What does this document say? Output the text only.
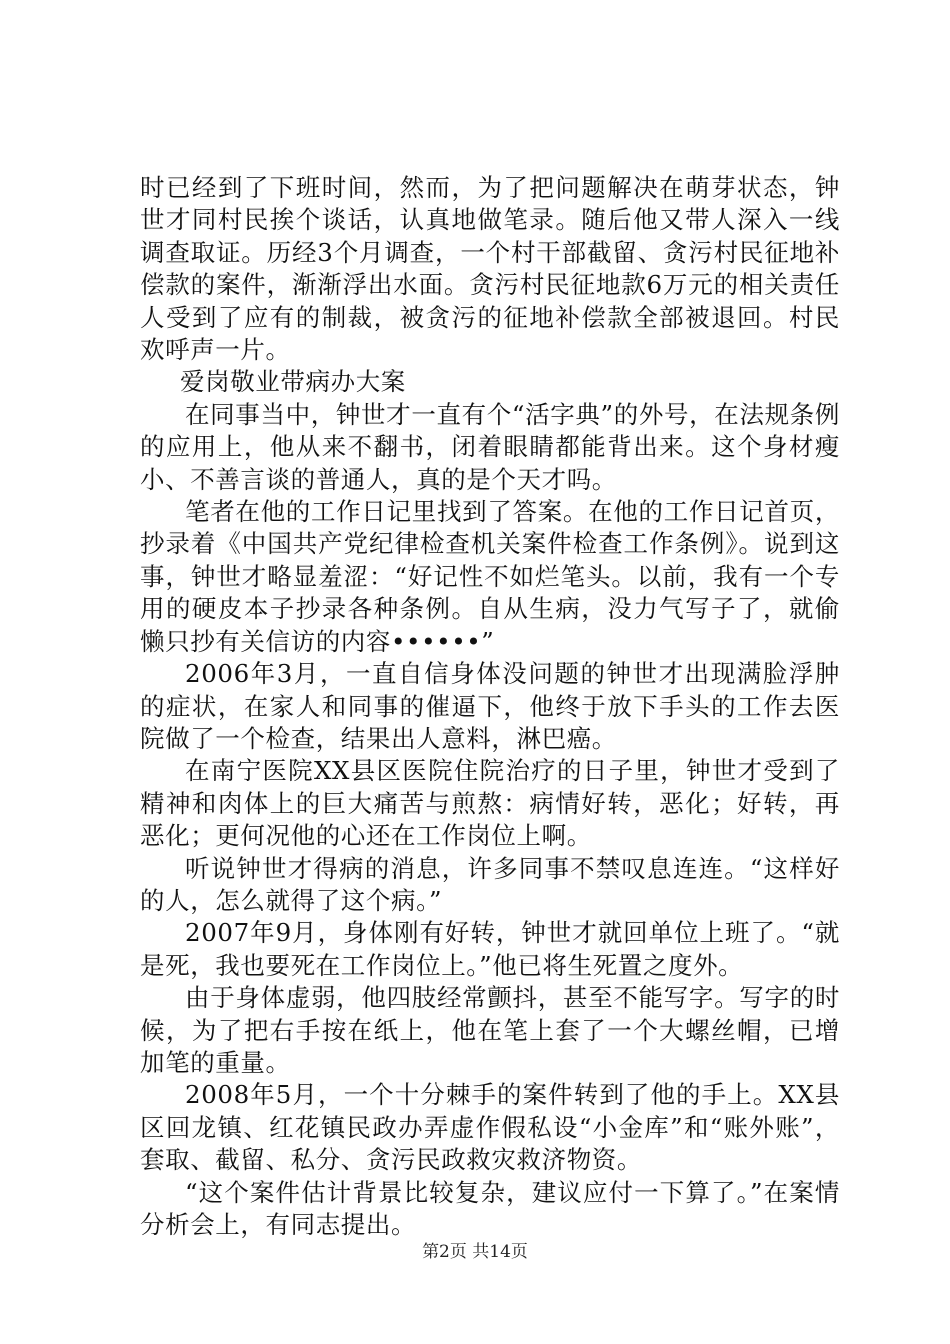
时已经到了下班时间，然而，为了把问题解决在萌芽状态，钟世才同村民挨个谈话，认真地做笔录。随后他又带人深入一线调查取证。历经3个月调查，一个村干部截留、贪污村民征地补偿款的案件，渐渐浮出水面。贪污村民征地款6万元的相关责任人受到了应有的制裁，被贪污的征地补偿款全部被退回。村民欢呼声一片。

爱岗敬业带病办大案

在同事当中，钟世才一直有个“活字典”的外号，在法规条例的应用上，他从来不翻书，闭着眼睛都能背出来。这个身材瘦小、不善言谈的普通人，真的是个天才吗。

笔者在他的工作日记里找到了答案。在他的工作日记首页，抄录着《中国共产党纪律检查机关案件检查工作条例》。说到这事，钟世才略显羞涩：“好记性不如烂笔头。以前，我有一个专用的硬皮本子抄录各种条例。自从生病，没力气写子了，就偷懒只抄有关信访的内容••••••”

2006年3月，一直自信身体没问题的钟世才出现满脸浮肿的症状，在家人和同事的催逼下，他终于放下手头的工作去医院做了一个检查，结果出人意料，淋巴癌。

在南宁医院XX县区医院住院治疗的日子里，钟世才受到了精神和肉体上的巨大痛苦与煎熬：病情好转，恶化；好转，再恶化；更何况他的心还在工作岗位上啊。

听说钟世才得病的消息，许多同事不禁叹息连连。“这样好的人，怎么就得了这个病。”

2007年9月，身体刚有好转，钟世才就回单位上班了。“就是死，我也要死在工作岗位上。”他已将生死置之度外。

由于身体虚弱，他四肢经常颤抖，甚至不能写字。写字的时候，为了把右手按在纸上，他在笔上套了一个大螺丝帽，已增加笔的重量。

2008年5月，一个十分棘手的案件转到了他的手上。XX县区回龙镇、红花镇民政办弄虚作假私设“小金库”和“账外账”，套取、截留、私分、贪污民政救灾救济物资。

“这个案件估计背景比较复杂，建议应付一下算了。”在案情分析会上，有同志提出。

第2页 共14页
